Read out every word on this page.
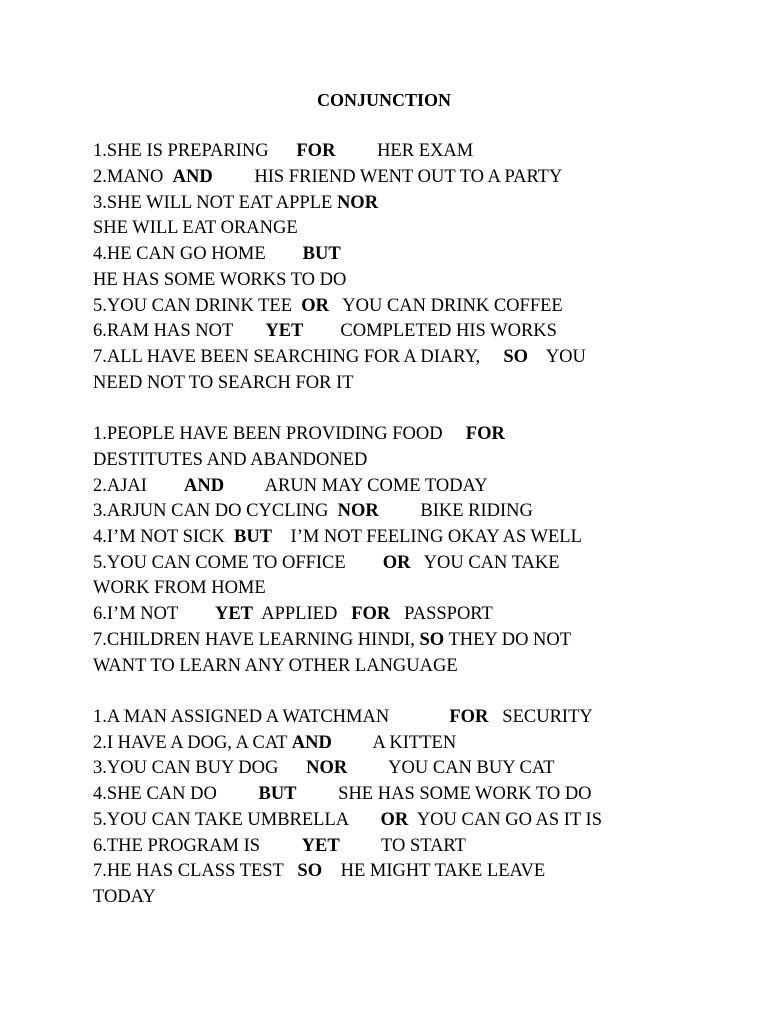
CONJUNCTION
1.SHE IS PREPARING      FOR         HER EXAM
2.MANO  AND         HIS FRIEND WENT OUT TO A PARTY
3.SHE WILL NOT EAT APPLE NOR
SHE WILL EAT ORANGE
4.HE CAN GO HOME        BUT
HE HAS SOME WORKS TO DO
5.YOU CAN DRINK TEE  OR   YOU CAN DRINK COFFEE
6.RAM HAS NOT       YET        COMPLETED HIS WORKS
7.ALL HAVE BEEN SEARCHING FOR A DIARY,     SO    YOU
NEED NOT TO SEARCH FOR IT
1.PEOPLE HAVE BEEN PROVIDING FOOD     FOR
DESTITUTES AND ABANDONED
2.AJAI        AND         ARUN MAY COME TODAY
3.ARJUN CAN DO CYCLING  NOR         BIKE RIDING
4.I’M NOT SICK  BUT    I’M NOT FEELING OKAY AS WELL
5.YOU CAN COME TO OFFICE        OR   YOU CAN TAKE
WORK FROM HOME
6.I’M NOT        YET  APPLIED   FOR   PASSPORT
7.CHILDREN HAVE LEARNING HINDI, SO THEY DO NOT
WANT TO LEARN ANY OTHER LANGUAGE
1.A MAN ASSIGNED A WATCHMAN             FOR   SECURITY
2.I HAVE A DOG, A CAT AND         A KITTEN
3.YOU CAN BUY DOG      NOR         YOU CAN BUY CAT
4.SHE CAN DO         BUT         SHE HAS SOME WORK TO DO
5.YOU CAN TAKE UMBRELLA       OR  YOU CAN GO AS IT IS
6.THE PROGRAM IS         YET         TO START
7.HE HAS CLASS TEST   SO    HE MIGHT TAKE LEAVE
TODAY
